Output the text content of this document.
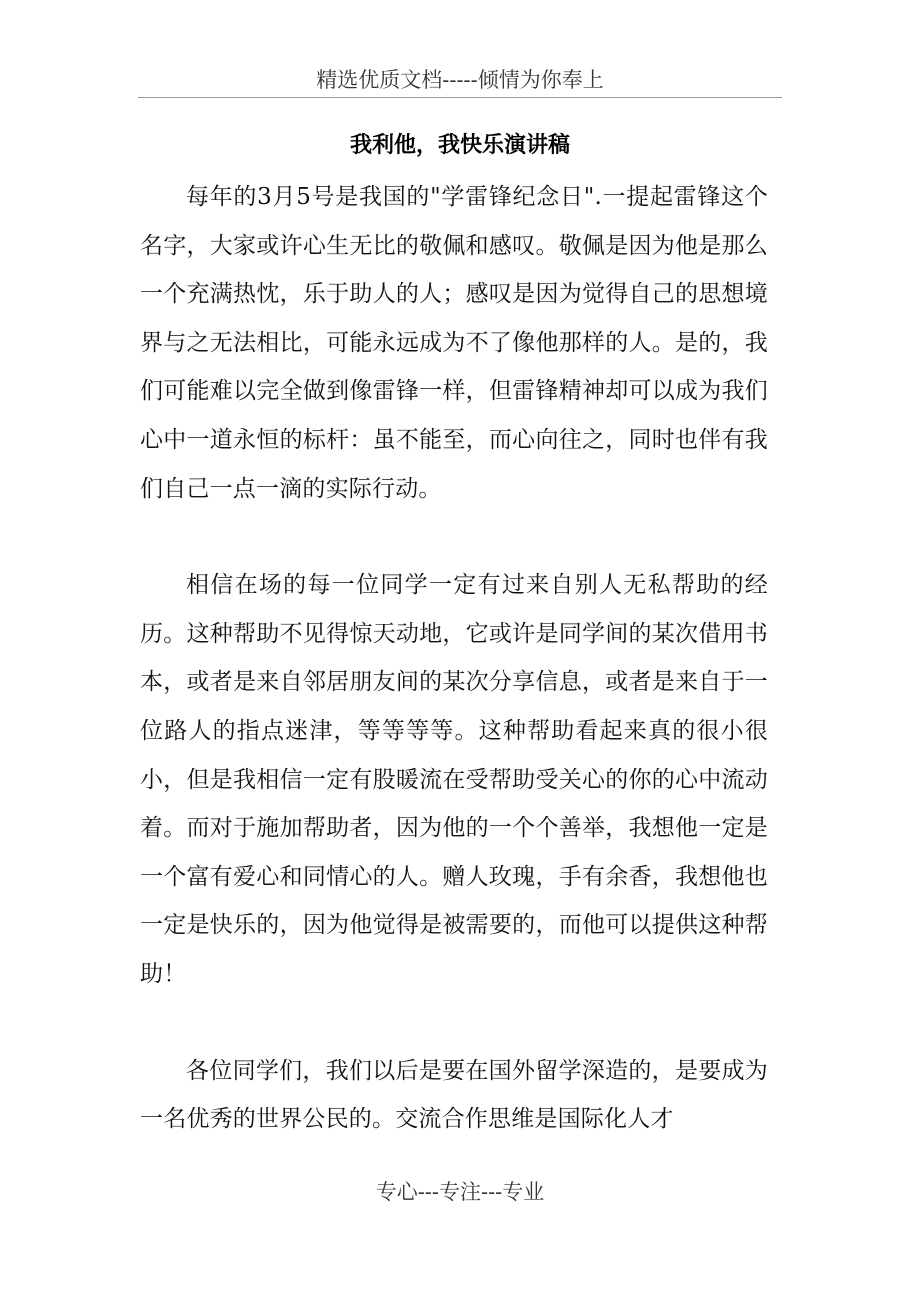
精选优质文档-----倾情为你奉上
我利他，我快乐演讲稿

每年的3月5号是我国的"学雷锋纪念日".一提起雷锋这个名字，大家或许心生无比的敬佩和感叹。敬佩是因为他是那么一个充满热忱，乐于助人的人；感叹是因为觉得自己的思想境界与之无法相比，可能永远成为不了像他那样的人。是的，我们可能难以完全做到像雷锋一样，但雷锋精神却可以成为我们心中一道永恒的标杆：虽不能至，而心向往之，同时也伴有我们自己一点一滴的实际行动。

相信在场的每一位同学一定有过来自别人无私帮助的经历。这种帮助不见得惊天动地，它或许是同学间的某次借用书本，或者是来自邻居朋友间的某次分享信息，或者是来自于一位路人的指点迷津，等等等等。这种帮助看起来真的很小很小，但是我相信一定有股暖流在受帮助受关心的你的心中流动着。而对于施加帮助者，因为他的一个个善举，我想他一定是一个富有爱心和同情心的人。赠人玫瑰，手有余香，我想他也一定是快乐的，因为他觉得是被需要的，而他可以提供这种帮助！

各位同学们，我们以后是要在国外留学深造的，是要成为一名优秀的世界公民的。交流合作思维是国际化人才

专心---专注---专业
